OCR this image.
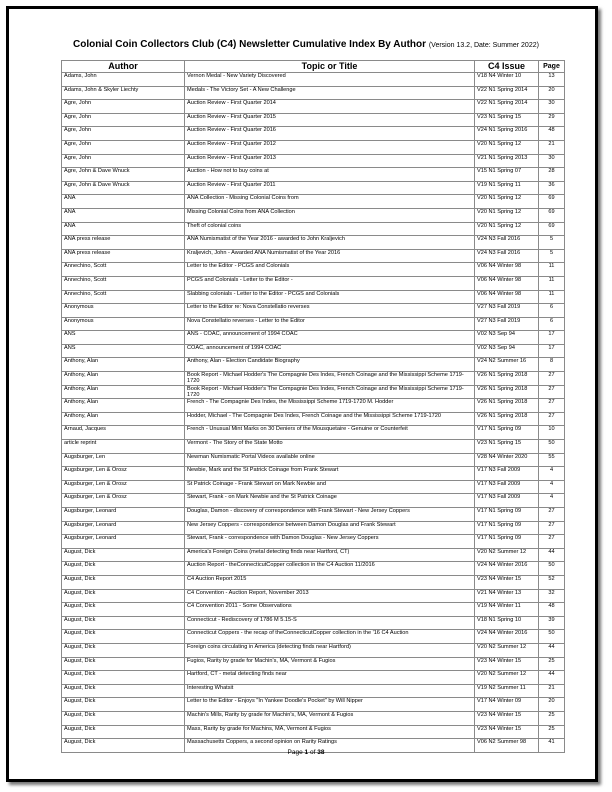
Colonial Coin Collectors Club (C4) Newsletter Cumulative Index By Author (Version 13.2, Date: Summer 2022)
Author	Topic or Title	C4 Issue	Page
Adams, John	Vernon Medal - New Variety Discovered	V18 N4 Winter 10	13
Adams, John & Skyler Liechty	Medals - The Victory Set - A New Challenge	V22 N1 Spring 2014	20
Agre, John	Auction Review - First Quarter 2014	V22 N1 Spring 2014	30
Agre, John	Auction Review - First Quarter 2015	V23 N1 Spring 15	29
Agre, John	Auction Review - First Quarter 2016	V24 N1 Spring 2016	48
Agre, John	Auction Review - First Quarter 2012	V20 N1 Spring 12	21
Agre, John	Auction Review - First Quarter 2013	V21 N1 Spring 2013	30
Agre, John & Dave Wnuck	Auction - How not to buy coins at	V15 N1 Spring 07	28
Agre, John & Dave Wnuck	Auction Review - First Quarter 2011	V19 N1 Spring 11	36
ANA	ANA Collection - Missing Colonial Coins from	V20 N1 Spring 12	69
ANA	Missing Colonial Coins from ANA Collection	V20 N1 Spring 12	69
ANA	Theft of colonial coins	V20 N1 Spring 12	69
ANA press release	ANA Numismatist of the Year 2016 - awarded to John Kraljevich	V24 N3 Fall 2016	5
ANA press release	Kraljevich, John - Awarded ANA Numismatist of the Year 2016	V24 N3 Fall 2016	5
Annechino, Scott	Letter to the Editor - PCGS and Colonials	V06 N4 Winter 98	11
Annechino, Scott	PCGS and Colonials - Letter to the Editor -	V06 N4 Winter 98	11
Annechino, Scott	Slabbing colonials - Letter to the Editor - PCGS and Colonials	V06 N4 Winter 98	11
Anonymous	Letter to the Editor re: Nova Constellatio reverses	V27 N3 Fall 2019	6
Anonymous	Nova Constellatio reverses - Letter to the Editor	V27 N3 Fall 2019	6
ANS	ANS - COAC, announcement of 1994 COAC	V02 N3 Sep 94	17
ANS	COAC, announcement of 1994 COAC	V02 N3 Sep 94	17
Anthony, Alan	Anthony, Alan - Election Candidate Biography	V24 N2 Summer 16	8
Anthony, Alan	Book Report - Michael Hodder's The Compagnie Des Indes, French Coinage and the Mississippi Scheme 1719-1720	V26 N1 Spring 2018	27
Anthony, Alan	Book Report - Michael Hodder's The Compagnie Des Indes, French Coinage and the Mississippi Scheme 1719-1720	V26 N1 Spring 2018	27
Anthony, Alan	French - The Compagnie Des Indes, the Mississippi Scheme 1719-1720 M. Hodder	V26 N1 Spring 2018	27
Anthony, Alan	Hodder, Michael - The Compagnie Des Indes, French Coinage and the Mississippi Scheme 1719-1720	V26 N1 Spring 2018	27
Arnaud, Jacques	French - Unusual Mint Marks on 30 Deniers of the Mousquetaire - Genuine or Counterfeit	V17 N1 Spring 09	10
article reprint	Vermont - The Story of the State Motto	V23 N1 Spring 15	50
Augsburger, Len	Newman Numismatic Portal Videos available online	V28 N4 Winter 2020	55
Augsburger, Len & Orosz	Newbie, Mark and the St Patrick Coinage from Frank Stewart	V17 N3 Fall 2009	4
Augsburger, Len & Orosz	St Patrick Coinage - Frank Stewart on Mark Newbie and	V17 N3 Fall 2009	4
Augsburger, Len & Orosz	Stewart, Frank - on Mark Newbie and the St Patrick Coinage	V17 N3 Fall 2009	4
Augsburger, Leonard	Douglas, Damon - discovery of correspondence with Frank Stewart - New Jersey Coppers	V17 N1 Spring 09	27
Augsburger, Leonard	New Jersey Coppers - correspondence between Damon Douglas and Frank Stewart	V17 N1 Spring 09	27
Augsburger, Leonard	Stewart, Frank - correspondence with Damon Douglas - New Jersey Coppers	V17 N1 Spring 09	27
August, Dick	America's Foreign Coins (metal detecting finds near Hartford, CT)	V20 N2 Summer 12	44
August, Dick	Auction Report - theConnecticutCopper collection in the C4 Auction 11/2016	V24 N4 Winter 2016	50
August, Dick	C4 Auction Report 2015	V23 N4 Winter 15	52
August, Dick	C4 Convention - Auction Report, November 2013	V21 N4 Winter 13	32
August, Dick	C4 Convention 2011 - Some Observations	V19 N4 Winter 11	48
August, Dick	Connecticut - Rediscovery of 1786 M 5.15-S	V18 N1 Spring 10	39
August, Dick	Connecticut Coppers - the recap of theConnecticutCopper collection in the '16 C4 Auction	V24 N4 Winter 2016	50
August, Dick	Foreign coins circulating in America (detecting finds near Hartford)	V20 N2 Summer 12	44
August, Dick	Fugios, Rarity by grade for Machin's, MA, Vermont & Fugios	V23 N4 Winter 15	25
August, Dick	Hartford, CT - metal detecting finds near	V20 N2 Summer 12	44
August, Dick	Interesting Whatsit	V19 N2 Summer 11	21
August, Dick	Letter to the Editor - Enjoys "In Yankee Doodle's Pocket" by Will Nipper	V17 N4 Winter 09	20
August, Dick	Machin's Mills, Rarity by grade for Machin's, MA, Vermont & Fugios	V23 N4 Winter 15	25
August, Dick	Mass, Rarity by grade for Machins, MA, Vermont & Fugios	V23 N4 Winter 15	25
August, Dick	Massachusetts Coppers, a second opinion on Rarity Ratings	V06 N2 Summer 98	41
Page 1 of 38
